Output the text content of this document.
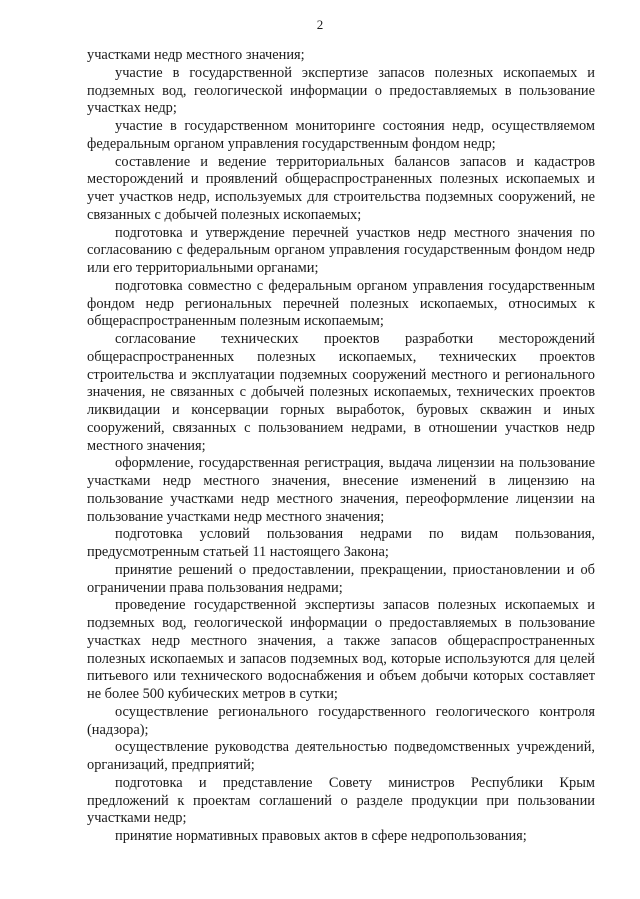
2

участками недр местного значения;

участие в государственной экспертизе запасов полезных ископаемых и подземных вод, геологической информации о предоставляемых в пользование участках недр;

участие в государственном мониторинге состояния недр, осуществляемом федеральным органом управления государственным фондом недр;

составление и ведение территориальных балансов запасов и кадастров месторождений и проявлений общераспространенных полезных ископаемых и учет участков недр, используемых для строительства подземных сооружений, не связанных с добычей полезных ископаемых;

подготовка и утверждение перечней участков недр местного значения по согласованию с федеральным органом управления государственным фондом недр или его территориальными органами;

подготовка совместно с федеральным органом управления государственным фондом недр региональных перечней полезных ископаемых, относимых к общераспространенным полезным ископаемым;

согласование технических проектов разработки месторождений общераспространенных полезных ископаемых, технических проектов строительства и эксплуатации подземных сооружений местного и регионального значения, не связанных с добычей полезных ископаемых, технических проектов ликвидации и консервации горных выработок, буровых скважин и иных сооружений, связанных с пользованием недрами, в отношении участков недр местного значения;

оформление, государственная регистрация, выдача лицензии на пользование участками недр местного значения, внесение изменений в лицензию на пользование участками недр местного значения, переоформление лицензии на пользование участками недр местного значения;

подготовка условий пользования недрами по видам пользования, предусмотренным статьей 11 настоящего Закона;

принятие решений о предоставлении, прекращении, приостановлении и об ограничении права пользования недрами;

проведение государственной экспертизы запасов полезных ископаемых и подземных вод, геологической информации о предоставляемых в пользование участках недр местного значения, а также запасов общераспространенных полезных ископаемых и запасов подземных вод, которые используются для целей питьевого или технического водоснабжения и объем добычи которых составляет не более 500 кубических метров в сутки;

осуществление регионального государственного геологического контроля (надзора);

осуществление руководства деятельностью подведомственных учреждений, организаций, предприятий;

подготовка и представление Совету министров Республики Крым предложений к проектам соглашений о разделе продукции при пользовании участками недр;

принятие нормативных правовых актов в сфере недропользования;
